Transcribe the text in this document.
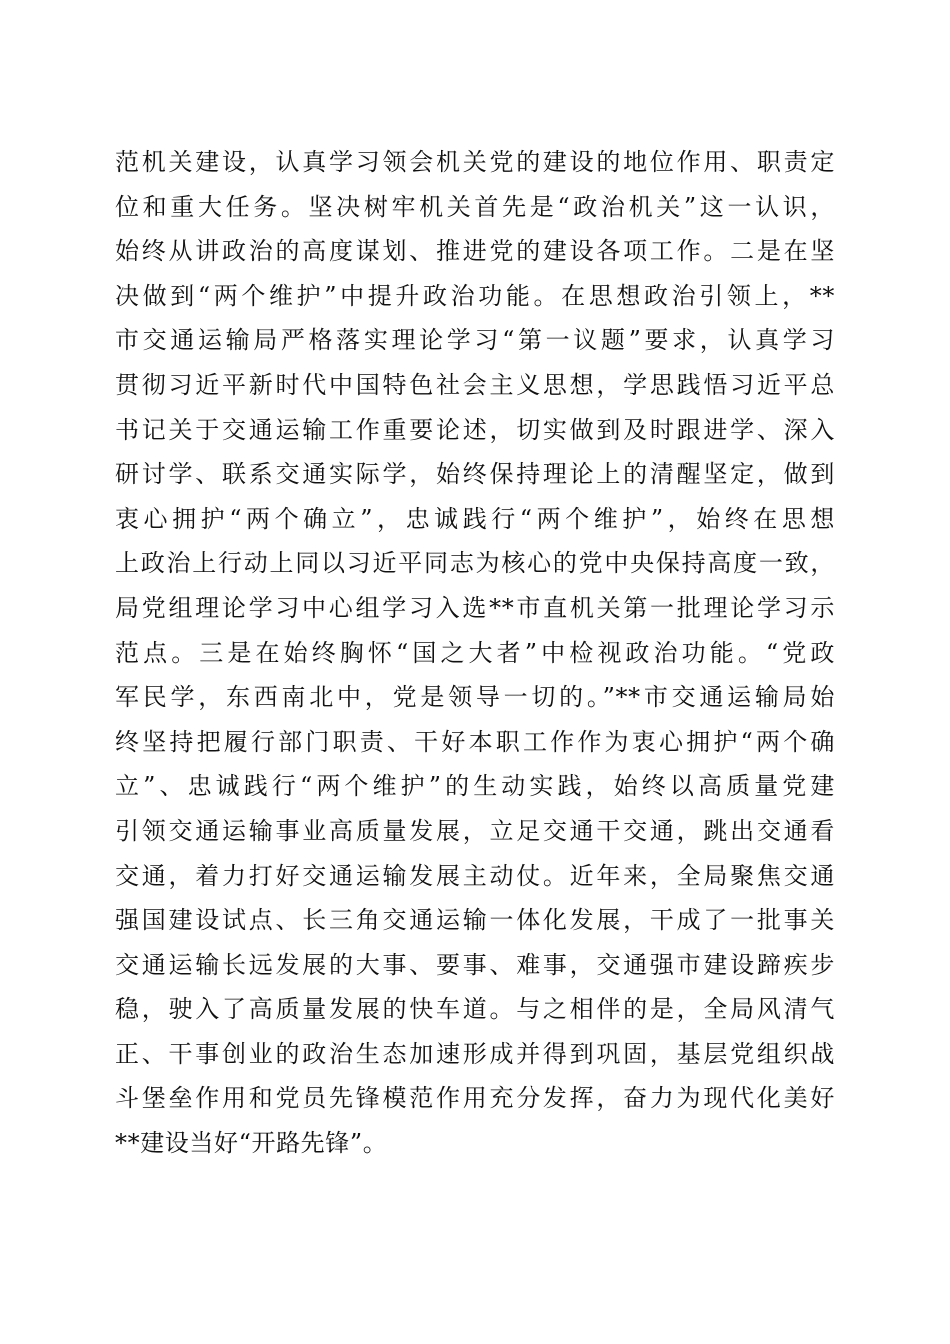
范机关建设，认真学习领会机关党的建设的地位作用、职责定
位和重大任务。坚决树牢机关首先是“政治机关”这一认识，
始终从讲政治的高度谋划、推进党的建设各项工作。二是在坚
决做到“两个维护”中提升政治功能。在思想政治引领上，**
市交通运输局严格落实理论学习“第一议题”要求，认真学习
贯彻习近平新时代中国特色社会主义思想，学思践悟习近平总
书记关于交通运输工作重要论述，切实做到及时跟进学、深入
研讨学、联系交通实际学，始终保持理论上的清醒坚定，做到
衷心拥护“两个确立”，忠诚践行“两个维护”，始终在思想
上政治上行动上同以习近平同志为核心的党中央保持高度一致，
局党组理论学习中心组学习入选**市直机关第一批理论学习示
范点。三是在始终胸怀“国之大者”中检视政治功能。“党政
军民学，东西南北中，党是领导一切的。”**市交通运输局始
终坚持把履行部门职责、干好本职工作作为衷心拥护“两个确
立”、忠诚践行“两个维护”的生动实践，始终以高质量党建
引领交通运输事业高质量发展，立足交通干交通，跳出交通看
交通，着力打好交通运输发展主动仗。近年来，全局聚焦交通
强国建设试点、长三角交通运输一体化发展，干成了一批事关
交通运输长远发展的大事、要事、难事，交通强市建设蹄疾步
稳，驶入了高质量发展的快车道。与之相伴的是，全局风清气
正、干事创业的政治生态加速形成并得到巩固，基层党组织战
斗堡垒作用和党员先锋模范作用充分发挥，奋力为现代化美好
**建设当好“开路先锋”。
